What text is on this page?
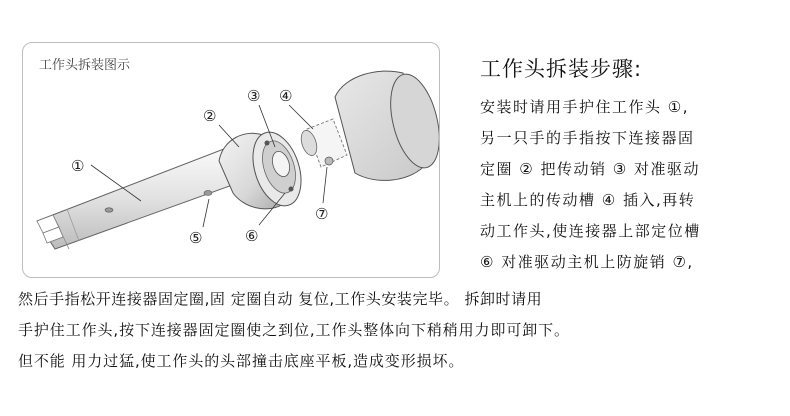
工作头拆装图示
①
②
③ ④
⑤	⑥
⑦
工作头拆装步骤:
安装时请用手护住工作头 ①,
另一只手的手指按下连接器固
定圈 ② 把传动销 ③ 对准驱动
主机上的传动槽 ④ 插入,再转
动工作头,使连接器上部定位槽
⑥ 对准驱动主机上防旋销 ⑦,
然后手指松开连接器固定圈,固 定圈自动 复位,工作头安装完毕。 拆卸时请用
手护住工作头,按下连接器固定圈使之到位,工作头整体向下稍稍用力即可卸下。
但不能 用力过猛,使工作头的头部撞击底座平板,造成变形损坏。
